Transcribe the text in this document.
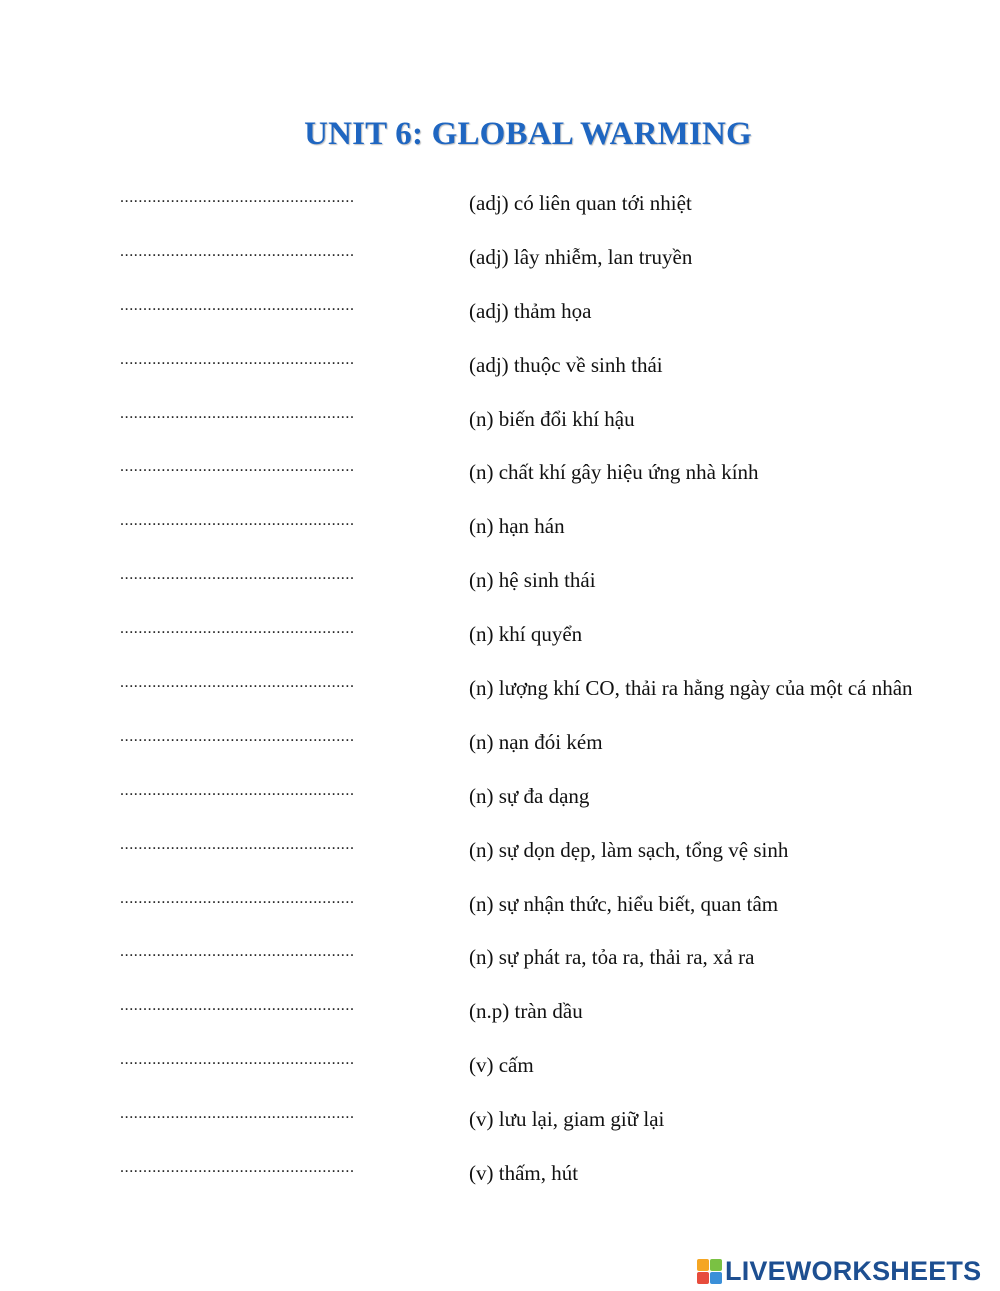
UNIT 6: GLOBAL WARMING
...................................................	(adj) có liên quan tới nhiệt
...................................................	(adj) lây nhiễm, lan truyền
...................................................	(adj) thảm họa
...................................................	(adj) thuộc về sinh thái
...................................................	(n) biến đổi khí hậu
...................................................	(n) chất khí gây hiệu ứng nhà kính
...................................................	(n) hạn hán
...................................................	(n) hệ sinh thái
...................................................	(n) khí quyển
...................................................	(n) lượng khí CO, thải ra hằng ngày của một cá nhân
...................................................	(n) nạn đói kém
...................................................	(n) sự đa dạng
...................................................	(n) sự dọn dẹp, làm sạch, tổng vệ sinh
...................................................	(n) sự nhận thức, hiểu biết, quan tâm
...................................................	(n) sự phát ra, tỏa ra, thải ra, xả ra
...................................................	(n.p) tràn dầu
...................................................	(v) cấm
...................................................	(v) lưu lại, giam giữ lại
...................................................	(v) thấm, hút
LIVEWORKSHEETS
